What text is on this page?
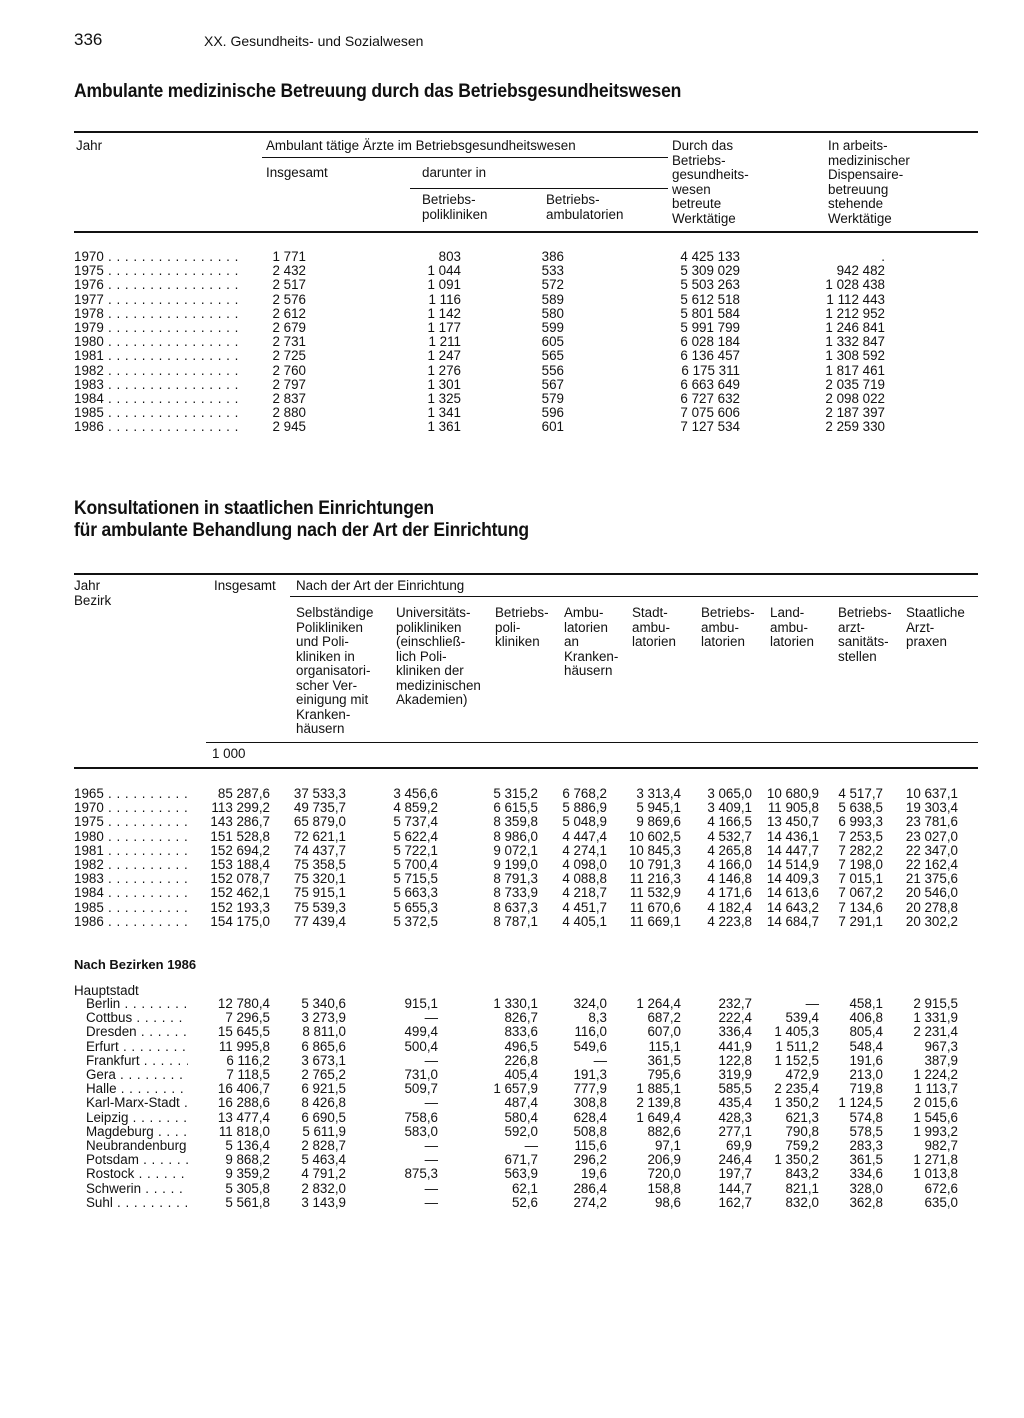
336	XX. Gesundheits- und Sozialwesen
Ambulante medizinische Betreuung durch das Betriebsgesundheitswesen
Jahr	Ambulant tätige Ärzte im Betriebsgesundheitswesen
Insgesamt	darunter in
Betriebs-
polikliniken
Betriebs-
ambulatorien
Durch das
Betriebs-
gesundheits-
wesen
betreute
Werktätige
In arbeits-
medizinischer
Dispensaire-
betreuung
stehende
Werktätige
1970 . . .	1 771	803	386	4 425 133	.
1975 . . .	2 432	1 044	533	5 309 029	942 482
1976 . . .	2 517	1 091	572	5 503 263	1 028 438
1977 . . .	2 576	1 116	589	5 612 518	1 112 443
1978 . . .	2 612	1 142	580	5 801 584	1 212 952
1979 . . .	2 679	1 177	599	5 991 799	1 246 841
1980 . . .	2 731	1 211	605	6 028 184	1 332 847
1981 . . .	2 725	1 247	565	6 136 457	1 308 592
1982 . . .	2 760	1 276	556	6 175 311	1 817 461
1983 . . .	2 797	1 301	567	6 663 649	2 035 719
1984 . . .	2 837	1 325	579	6 727 632	2 098 022
1985 . . .	2 880	1 341	596	7 075 606	2 187 397
1986 . . .	2 945	1 361	601	7 127 534	2 259 330
Konsultationen in staatlichen Einrichtungen
für ambulante Behandlung nach der Art der Einrichtung
Jahr
Bezirk
Insgesamt Nach der Art der Einrichtung
1 000
Selbständige
Polikliniken
und Poli-
kliniken in
organisatori-
scher Ver-
einigung mit
Kranken-
häusern
Universitäts-
polikliniken
(einschließ-
lich Poli-
kliniken der
medizinischen
Akademien)
Betriebs-
poli-
kliniken
Ambu-
latorien
an
Kranken-
häusern
Stadt-
ambu-
latorien
Betriebs-
ambu-
latorien
Land-
ambu-
latorien
Betriebs-
arzt-
sanitäts-
stellen
Staatliche
Arzt-
praxen
1965 . . .	85 287,6	37 533,3	3 456,6	5 315,2	6 768,2	3 313,4	3 065,0	10 680,9	4 517,7	10 637,1
1970 . . .	113 299,2	49 735,7	4 859,2	6 615,5	5 886,9	5 945,1	3 409,1	11 905,8	5 638,5	19 303,4
1975 . . .	143 286,7	65 879,0	5 737,4	8 359,8	5 048,9	9 869,6	4 166,5	13 450,7	6 993,3	23 781,6
1980 . . .	151 528,8	72 621,1	5 622,4	8 986,0	4 447,4	10 602,5	4 532,7	14 436,1	7 253,5	23 027,0
1981 . . .	152 694,2	74 437,7	5 722,1	9 072,1	4 274,1	10 845,3	4 265,8	14 447,7	7 282,2	22 347,0
1982 . . .	153 188,4	75 358,5	5 700,4	9 199,0	4 098,0	10 791,3	4 166,0	14 514,9	7 198,0	22 162,4
1983 . . .	152 078,7	75 320,1	5 715,5	8 791,3	4 088,8	11 216,3	4 146,8	14 409,3	7 015,1	21 375,6
1984 . . .	152 462,1	75 915,1	5 663,3	8 733,9	4 218,7	11 532,9	4 171,6	14 613,6	7 067,2	20 546,0
1985 . . .	152 193,3	75 539,3	5 655,3	8 637,3	4 451,7	11 670,6	4 182,4	14 643,2	7 134,6	20 278,8
1986 . . .	154 175,0	77 439,4	5 372,5	8 787,1	4 405,1	11 669,1	4 223,8	14 684,7	7 291,1	20 302,2
Berlin . . .	12 780,4	5 340,6	915,1	1 330,1	324,0	1 264,4	232,7	—	458,1	2 915,5
Cottbus . . .	7 296,5	3 273,9	—	826,7	8,3	687,2	222,4	539,4	406,8	1 331,9
Dresden . . .	15 645,5	8 811,0	499,4	833,6	116,0	607,0	336,4	1 405,3	805,4	2 231,4
Erfurt . . .	11 995,8	6 865,6	500,4	496,5	549,6	115,1	441,9	1 511,2	548,4	967,3
Frankfurt . . .	6 116,2	3 673,1	—	226,8	—	361,5	122,8	1 152,5	191,6	387,9
Gera . . .	7 118,5	2 765,2	731,0	405,4	191,3	795,6	319,9	472,9	213,0	1 224,2
Halle . . .	16 406,7	6 921,5	509,7	1 657,9	777,9	1 885,1	585,5	2 235,4	719,8	1 113,7
Karl-Marx-Stadt . . .	16 288,6	8 426,8	—	487,4	308,8	2 139,8	435,4	1 350,2	1 124,5	2 015,6
Leipzig . . .	13 477,4	6 690,5	758,6	580,4	628,4	1 649,4	428,3	621,3	574,8	1 545,6
Magdeburg . . .	11 818,0	5 611,9	583,0	592,0	508,8	882,6	277,1	790,8	578,5	1 993,2
Neubrandenburg . . .	5 136,4	2 828,7	—	—	115,6	97,1	69,9	759,2	283,3	982,7
Potsdam . . .	9 868,2	5 463,4	—	671,7	296,2	206,9	246,4	1 350,2	361,5	1 271,8
Rostock . . .	9 359,2	4 791,2	875,3	563,9	19,6	720,0	197,7	843,2	334,6	1 013,8
Schwerin . . .	5 305,8	2 832,0	—	62,1	286,4	158,8	144,7	821,1	328,0	672,6
Suhl . . .	5 561,8	3 143,9	—	52,6	274,2	98,6	162,7	832,0	362,8	635,0
Nach Bezirken 1986
Hauptstadt
